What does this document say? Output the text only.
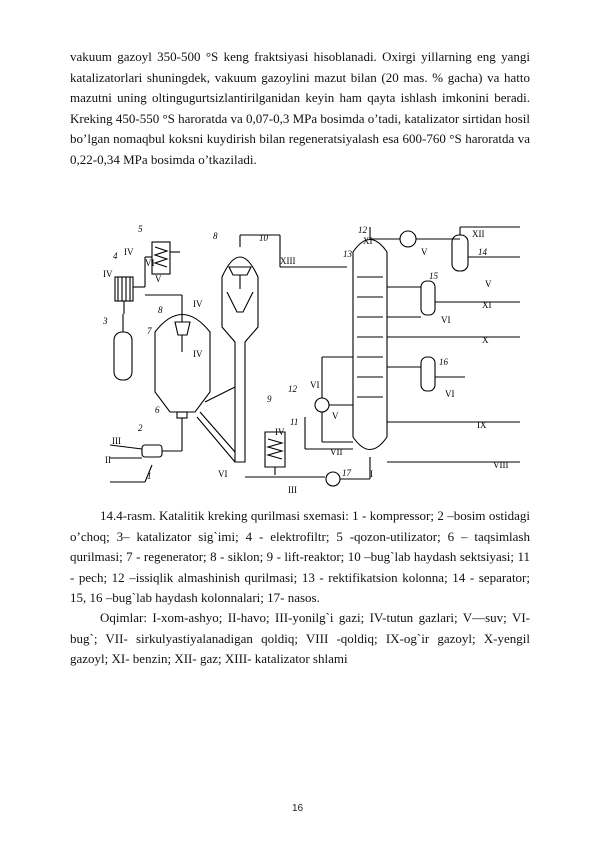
vakuum gazoyl 350-500 °S keng fraktsiyasi hisoblanadi. Oxirgi yillarning eng yangi katalizatorlari shuningdek, vakuum gazoylini mazut bilan (20 mas. % gacha) va hatto mazutni uning oltingugurtsizlantirilganidan keyin ham qayta ishlash imkonini beradi. Kreking 450-550 °S haroratda va 0,07-0,3 MPa bosimda o’tadi, katalizator sirtidan hosil bo’lgan nomaqbul koksni kuydirish bilan regeneratsiyalash esa 600-760 °S haroratda va 0,22-0,34 MPa bosimda o’tkaziladi.

5
IV
4
IV
VI
V
3
8
IV
7
6
2
III
II
1
8	10
XIII
9
11
IV
III
VI
12 VI
V
VII
17 I
12
XI
13	V
XII
14
V
15
XI
VI
X
16
VI
IX
VIII
IV

14.4-rasm. Katalitik kreking qurilmasi sxemasi: 1 - kompressor; 2 –bosim ostidagi o’choq; 3– katalizator sig`imi; 4 - elektrofiltr; 5 -qozon-utilizator; 6 – taqsimlash qurilmasi; 7 - regenerator; 8 - siklon; 9 - lift-reaktor; 10 –bug`lab haydash sektsiyasi; 11 - pech; 12 –issiqlik almashinish qurilmasi; 13 - rektifikatsion kolonna; 14 - separator; 15, 16 –bug`lab haydash kolonnalari; 17- nasos.

Oqimlar: I-xom-ashyo; II-havo; III-yonilg`i gazi; IV-tutun gazlari; V—suv; VI-bug`; VII- sirkulyastiyalanadigan qoldiq; VIII -qoldiq; IX-og`ir gazoyl; X-yengil gazoyl; XI- benzin; XII- gaz; XIII- katalizator shlami

16
